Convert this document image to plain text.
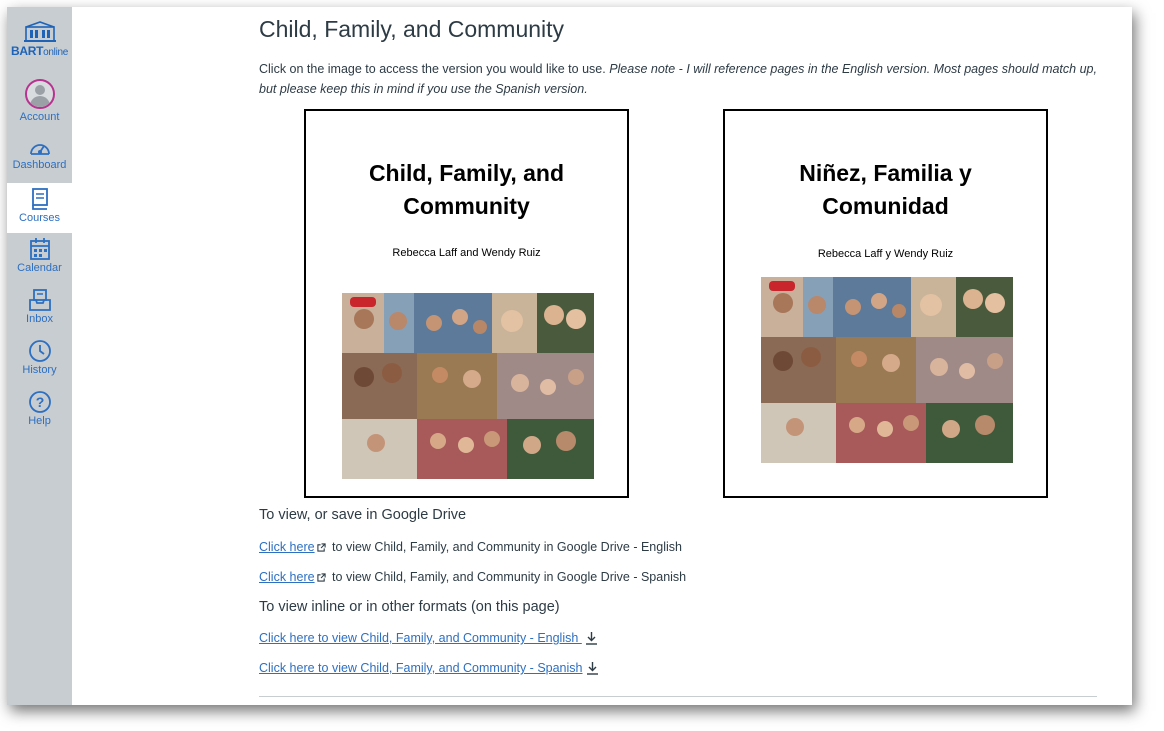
BARTonline
Account
Dashboard
Courses
Calendar
Inbox
History
?
Help
Child, Family, and Community

Click on the image to access the version you would like to use. Please note - I will reference pages in the English version. Most pages should match up, but please keep this in mind if you use the Spanish version.

Child, Family, and
Community
Rebecca Laff and Wendy Ruiz
Niñez, Familia y
Comunidad
Rebecca Laff y Wendy Ruiz
To view, or save in Google Drive
Click here to view Child, Family, and Community in Google Drive - English
Click here to view Child, Family, and Community in Google Drive - Spanish
To view inline or in other formats (on this page)
Click here to view Child, Family, and Community - English
Click here to view Child, Family, and Community - Spanish
